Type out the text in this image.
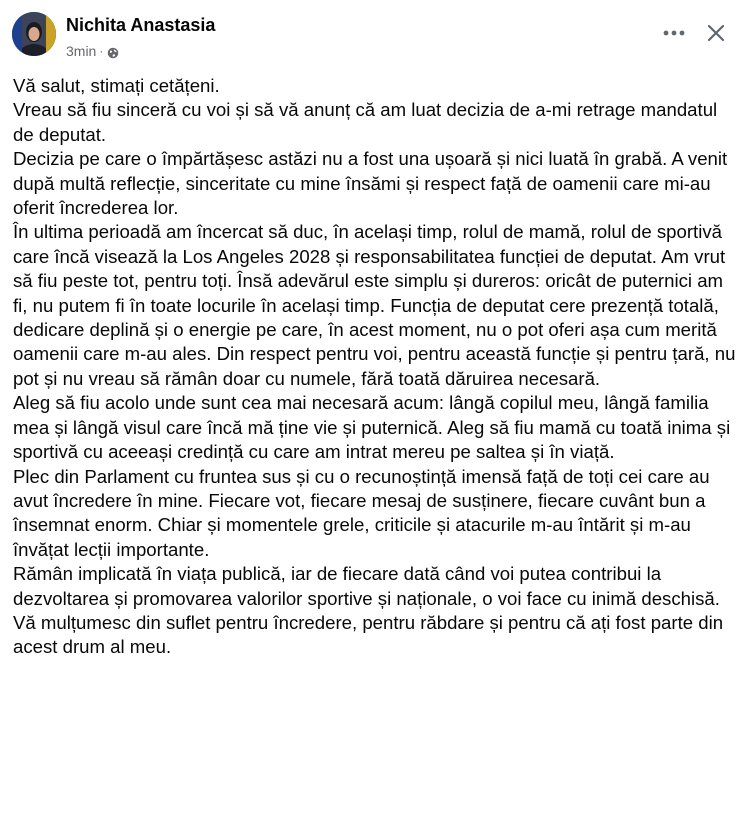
Nichita Anastasia
3min ·

Vă salut, stimați cetățeni.

Vreau să fiu sinceră cu voi și să vă anunț că am luat decizia de a-mi retrage mandatul de deputat.

Decizia pe care o împărtășesc astăzi nu a fost una ușoară și nici luată în grabă. A venit după multă reflecție, sinceritate cu mine însămi și respect față de oamenii care mi-au oferit încrederea lor.

În ultima perioadă am încercat să duc, în același timp, rolul de mamă, rolul de sportivă care încă visează la Los Angeles 2028 și responsabilitatea funcției de deputat. Am vrut să fiu peste tot, pentru toți. Însă adevărul este simplu și dureros: oricât de puternici am fi, nu putem fi în toate locurile în același timp. Funcția de deputat cere prezență totală, dedicare deplină și o energie pe care, în acest moment, nu o pot oferi așa cum merită oamenii care m-au ales. Din respect pentru voi, pentru această funcție și pentru țară, nu pot și nu vreau să rămân doar cu numele, fără toată dăruirea necesară.

Aleg să fiu acolo unde sunt cea mai necesară acum: lângă copilul meu, lângă familia mea și lângă visul care încă mă ține vie și puternică. Aleg să fiu mamă cu toată inima și sportivă cu aceeași credință cu care am intrat mereu pe saltea și în viață.

Plec din Parlament cu fruntea sus și cu o recunoștință imensă față de toți cei care au avut încredere în mine. Fiecare vot, fiecare mesaj de susținere, fiecare cuvânt bun a însemnat enorm. Chiar și momentele grele, criticile și atacurile m-au întărit și m-au învățat lecții importante.

Rămân implicată în viața publică, iar de fiecare dată când voi putea contribui la dezvoltarea și promovarea valorilor sportive și naționale, o voi face cu inimă deschisă.

Vă mulțumesc din suflet pentru încredere, pentru răbdare și pentru că ați fost parte din acest drum al meu.
